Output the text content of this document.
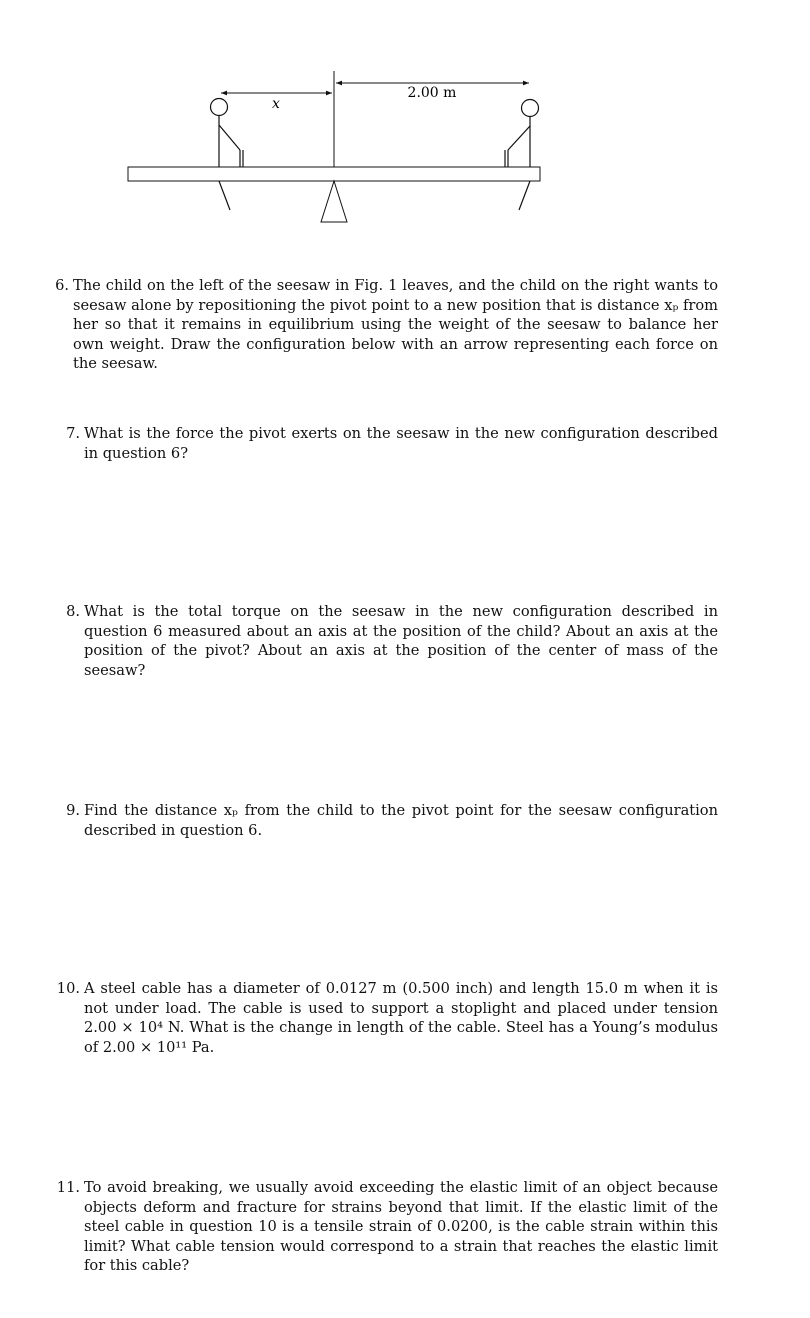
x
2.00 m
6. The child on the left of the seesaw in Fig. 1 leaves, and the child on the right wants to seesaw alone by repositioning the pivot point to a new position that is distance xₚ from her so that it remains in equilibrium using the weight of the seesaw to balance her own weight. Draw the configuration below with an arrow representing each force on the seesaw.
7. What is the force the pivot exerts on the seesaw in the new configuration described in question 6?
8. What is the total torque on the seesaw in the new configuration described in question 6 measured about an axis at the position of the child? About an axis at the position of the pivot? About an axis at the position of the center of mass of the seesaw?
9. Find the distance xₚ from the child to the pivot point for the seesaw configuration described in question 6.
10. A steel cable has a diameter of 0.0127 m (0.500 inch) and length 15.0 m when it is not under load. The cable is used to support a stoplight and placed under tension 2.00 × 10⁴ N. What is the change in length of the cable. Steel has a Young’s modulus of 2.00 × 10¹¹ Pa.
11. To avoid breaking, we usually avoid exceeding the elastic limit of an object because objects deform and fracture for strains beyond that limit. If the elastic limit of the steel cable in question 10 is a tensile strain of 0.0200, is the cable strain within this limit? What cable tension would correspond to a strain that reaches the elastic limit for this cable?
